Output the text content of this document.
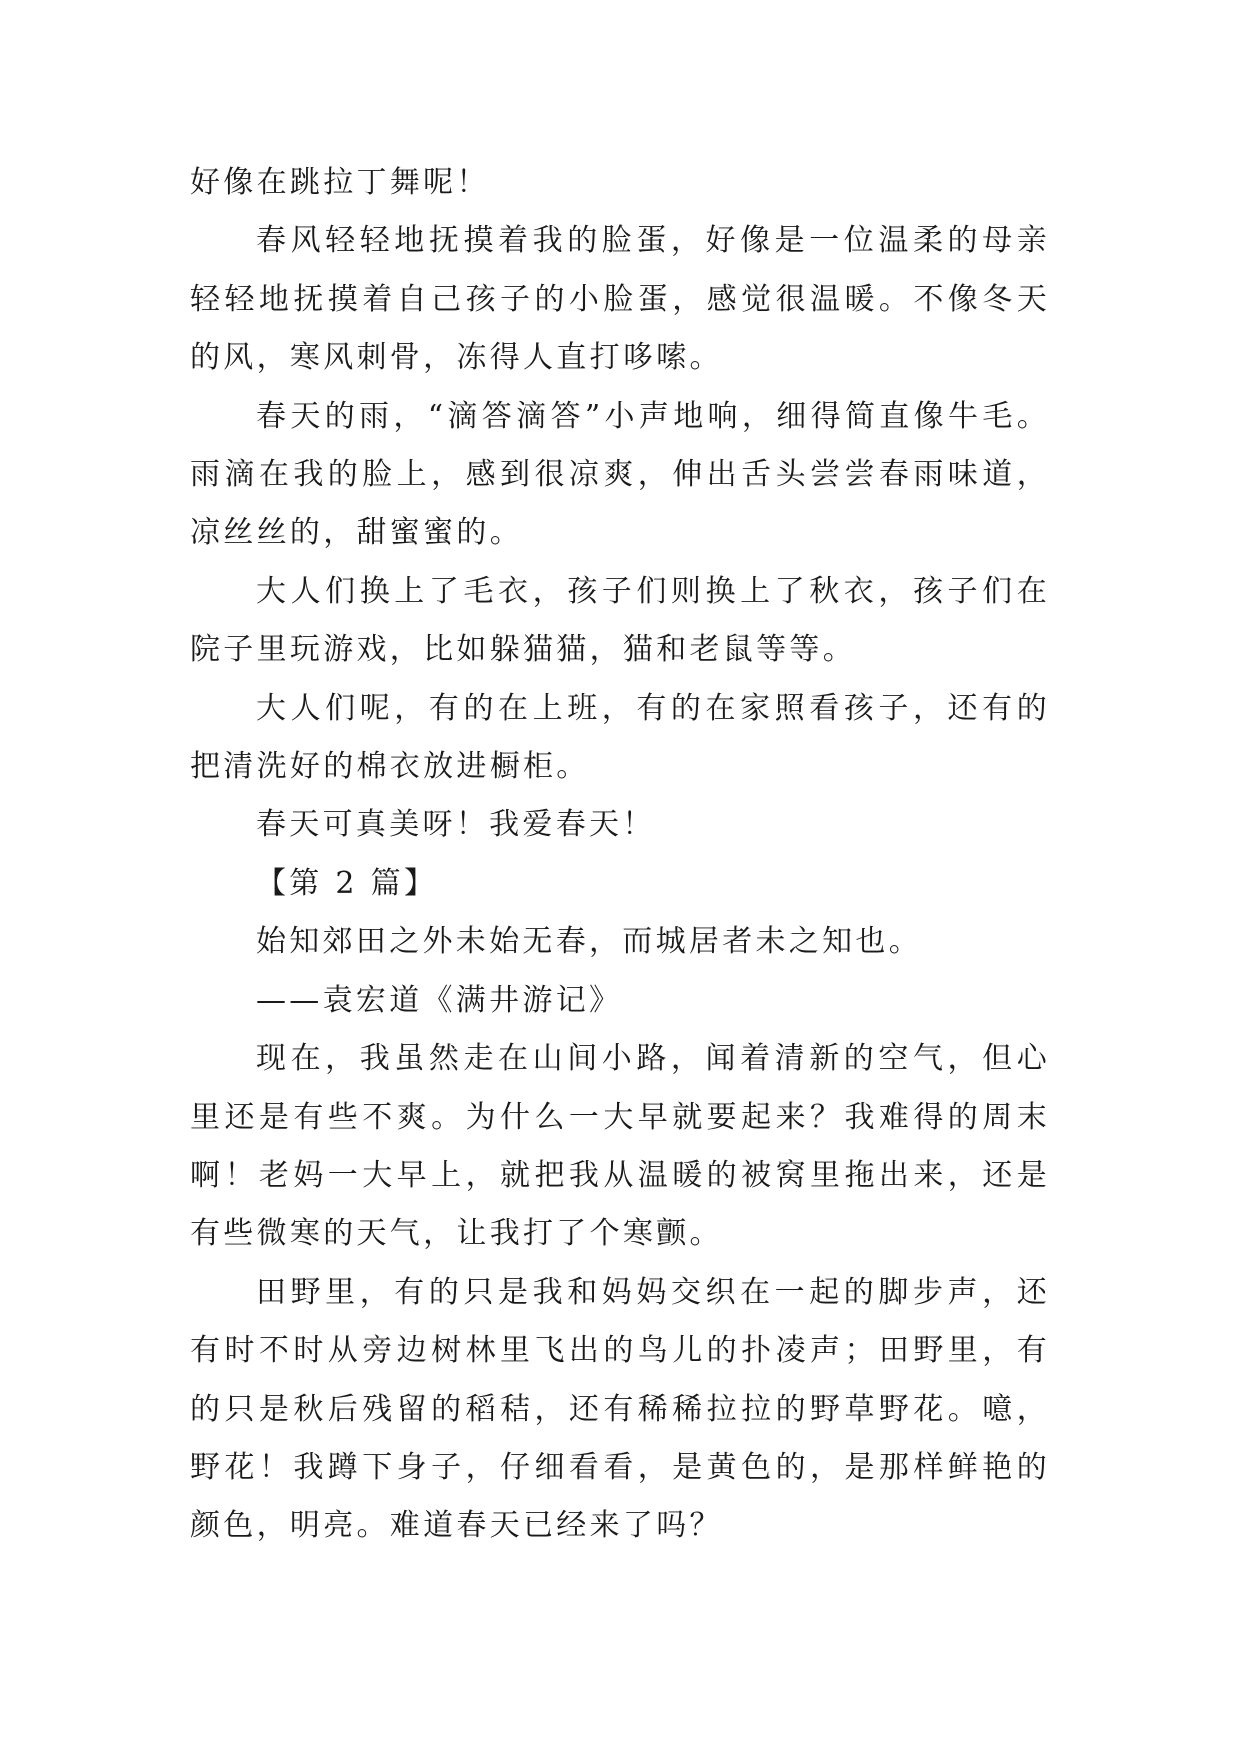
好像在跳拉丁舞呢！

春风轻轻地抚摸着我的脸蛋，好像是一位温柔的母亲轻轻地抚摸着自己孩子的小脸蛋，感觉很温暖。不像冬天的风，寒风刺骨，冻得人直打哆嗦。

春天的雨，“滴答滴答”小声地响，细得简直像牛毛。雨滴在我的脸上，感到很凉爽，伸出舌头尝尝春雨味道，凉丝丝的，甜蜜蜜的。

大人们换上了毛衣，孩子们则换上了秋衣，孩子们在院子里玩游戏，比如躲猫猫，猫和老鼠等等。

大人们呢，有的在上班，有的在家照看孩子，还有的把清洗好的棉衣放进橱柜。

春天可真美呀！我爱春天！

【第 2 篇】

始知郊田之外未始无春，而城居者未之知也。

——袁宏道《满井游记》

现在，我虽然走在山间小路，闻着清新的空气，但心里还是有些不爽。为什么一大早就要起来？我难得的周末啊！老妈一大早上，就把我从温暖的被窝里拖出来，还是有些微寒的天气，让我打了个寒颤。

田野里，有的只是我和妈妈交织在一起的脚步声，还有时不时从旁边树林里飞出的鸟儿的扑凌声；田野里，有的只是秋后残留的稻秸，还有稀稀拉拉的野草野花。噫，野花！我蹲下身子，仔细看看，是黄色的，是那样鲜艳的颜色，明亮。难道春天已经来了吗？
